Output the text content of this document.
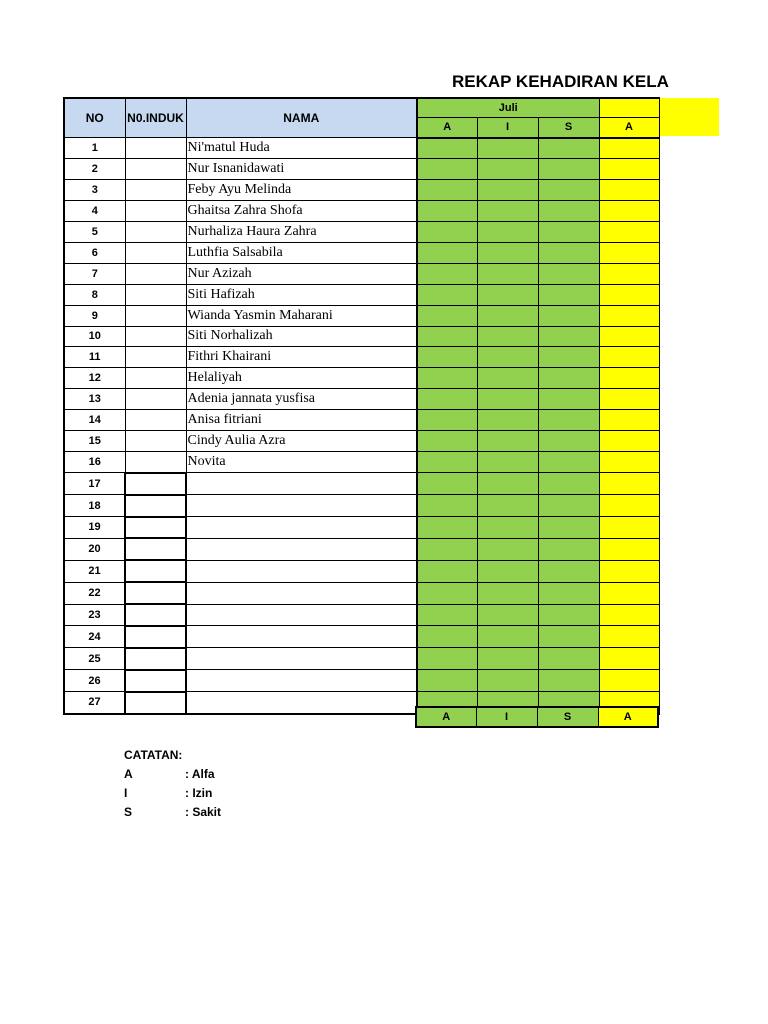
REKAP KEHADIRAN KELA
NO	N0.INDUK	NAMA	Juli			
			A	I	S	A
1		Ni'matul Huda				
2		Nur Isnanidawati				
3		Feby Ayu Melinda				
4		Ghaitsa Zahra Shofa				
5		Nurhaliza Haura Zahra				
6		Luthfia Salsabila				
7		Nur Azizah				
8		Siti Hafizah				
9		Wianda Yasmin Maharani				
10		Siti Norhalizah				
11		Fithri Khairani				
12		Helaliyah				
13		Adenia jannata yusfisa				
14		Anisa fitriani				
15		Cindy Aulia Azra				
16		Novita				
17						
18						
19						
20						
21						
22						
23						
24						
25						
26						
27						
A	I	S	A
CATATAN:
A	: Alfa
I	: Izin
S	: Sakit
